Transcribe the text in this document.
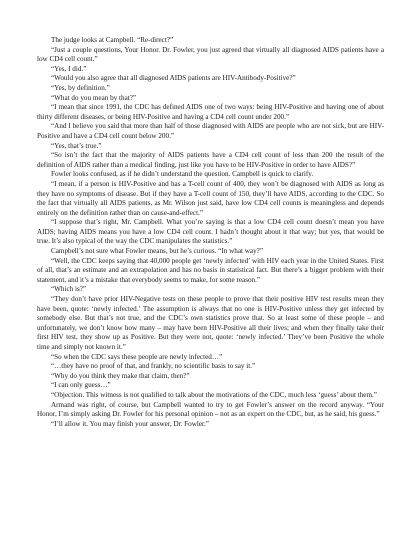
The judge looks at Campbell. “Re-direct?”

“Just a couple questions, Your Honor. Dr. Fowler, you just agreed that virtually all diagnosed AIDS patients have a low CD4 cell count.”

“Yes, I did.”

“Would you also agree that all diagnosed AIDS patients are HIV-Antibody-Positive?”

“Yes, by definition.”

“What do you mean by that?”

“I mean that since 1991, the CDC has defined AIDS one of two ways: being HIV-Positive and having one of about thirty different diseases, or being HIV-Positive and having a CD4 cell count under 200.”

“And I believe you said that more than half of those diagnosed with AIDS are people who are not sick, but are HIV-Positive and have a CD4 cell count below 200.”

“Yes, that’s true.”

“So isn’t the fact that the majority of AIDS patients have a CD4 cell count of less than 200 the result of the definition of AIDS rather than a medical finding, just like you have to be HIV-Positive in order to have AIDS?”

Fowler looks confused, as if he didn’t understand the question. Campbell is quick to clarify.

“I mean, if a person is HIV-Positive and has a T-cell count of 400, they won’t be diagnosed with AIDS as long as they have no symptoms of disease. But if they have a T-cell count of 150, they’ll have AIDS, according to the CDC. So the fact that virtually all AIDS patients, as Mr. Wilson just said, have low CD4 cell counts is meaningless and depends entirely on the definition rather than on cause-and-effect.”

“I suppose that’s right, Mr. Campbell. What you’re saying is that a low CD4 cell count doesn’t mean you have AIDS; having AIDS means you have a low CD4 cell count. I hadn’t thought about it that way; but yes, that would be true. It’s also typical of the way the CDC manipulates the statistics.”

Campbell’s not sure what Fowler means, but he’s curious. “In what way?”

“Well, the CDC keeps saying that 40,000 people get ‘newly infected’ with HIV each year in the United States. First of all, that’s an estimate and an extrapolation and has no basis in statistical fact. But there’s a bigger problem with their statement, and it’s a mistake that everybody seems to make, for some reason.”

“Which is?”

“They don’t have prior HIV-Negative tests on these people to prove that their positive HIV test results mean they have been, quote: ‘newly infected.’ The assumption is always that no one is HIV-Positive unless they get infected by somebody else. But that’s not true, and the CDC’s own statistics prove that. So at least some of these people – and unfortunately, we don’t know how many – may have been HIV-Positive all their lives; and when they finally take their first HIV test, they show up as Positive. But they were not, quote: ‘newly infected.’ They’ve been Positive the whole time and simply not known it.”

“So when the CDC says these people are newly infected…”

“…they have no proof of that, and frankly, no scientific basis to say it.”

“Why do you think they make that claim, then?”

“I can only guess…”

“Objection. This witness is not qualified to talk about the motivations of the CDC, much less ‘guess’ about them.”

Armand was right, of course, but Campbell wanted to try to get Fowler’s answer on the record anyway. “Your Honor, I’m simply asking Dr. Fowler for his personal opinion – not as an expert on the CDC, but, as he said, his guess.”

“I’ll allow it. You may finish your answer, Dr. Fowler.”
